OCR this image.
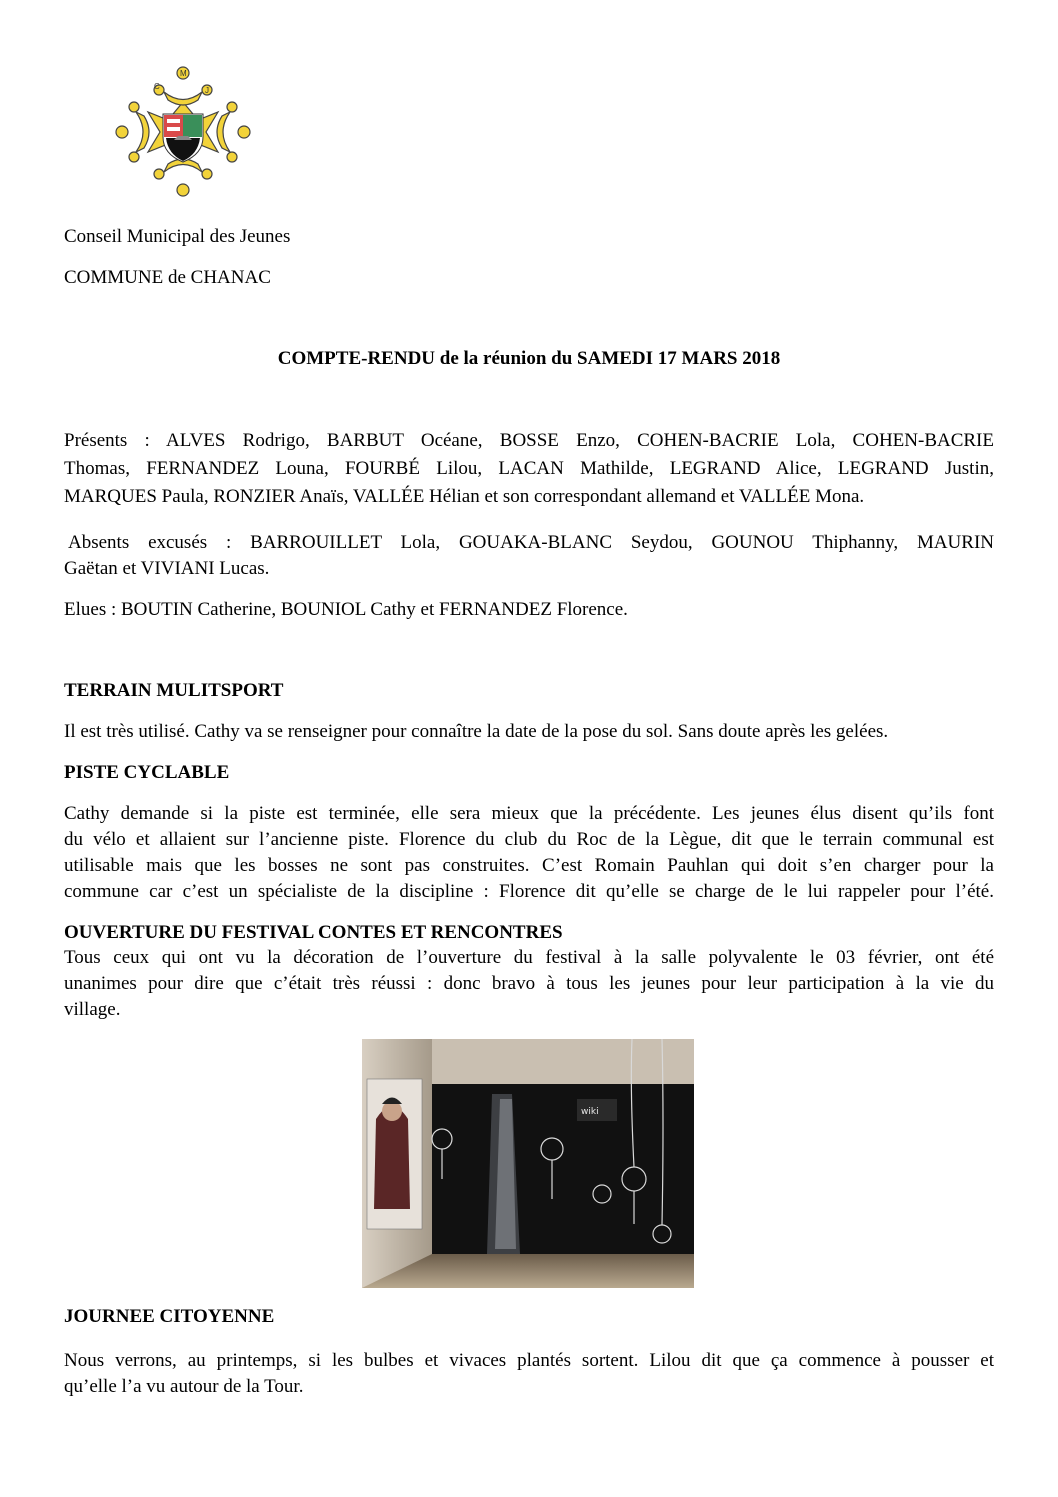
C
M
J
Conseil Municipal des Jeunes
COMMUNE de CHANAC
COMPTE-RENDU de la réunion du SAMEDI 17 MARS 2018
Présents : ALVES Rodrigo, BARBUT Océane, BOSSE Enzo, COHEN-BACRIE Lola, COHEN-BACRIE
Thomas, FERNANDEZ Louna, FOURBÉ Lilou, LACAN Mathilde, LEGRAND Alice, LEGRAND Justin,
MARQUES Paula, RONZIER Anaïs, VALLÉE Hélian et son correspondant allemand et VALLÉE Mona.
Absents excusés : BARROUILLET Lola, GOUAKA-BLANC Seydou, GOUNOU Thiphanny, MAURIN
Gaëtan et VIVIANI Lucas.
Elues : BOUTIN Catherine, BOUNIOL Cathy et FERNANDEZ Florence.
TERRAIN MULITSPORT
Il est très utilisé. Cathy va se renseigner pour connaître la date de la pose du sol. Sans doute après les gelées.
PISTE CYCLABLE
Cathy demande si la piste est terminée, elle sera mieux que la précédente. Les jeunes élus disent qu’ils font
du vélo et allaient sur l’ancienne piste. Florence du club du Roc de la Lègue, dit que le terrain communal est
utilisable mais que les bosses ne sont pas construites. C’est Romain Pauhlan qui doit s’en charger pour la
commune car c’est un spécialiste de la discipline : Florence dit qu’elle se charge de le lui rappeler pour l’été.
OUVERTURE DU FESTIVAL CONTES ET RENCONTRES
Tous ceux qui ont vu la décoration de l’ouverture du festival à la salle polyvalente le 03 février, ont été
unanimes pour dire que c’était très réussi : donc bravo à tous les jeunes pour leur participation à la vie du
village.
wiki
JOURNEE CITOYENNE
Nous verrons, au printemps, si les bulbes et vivaces plantés sortent. Lilou dit que ça commence à pousser et
qu’elle l’a vu autour de la Tour.
